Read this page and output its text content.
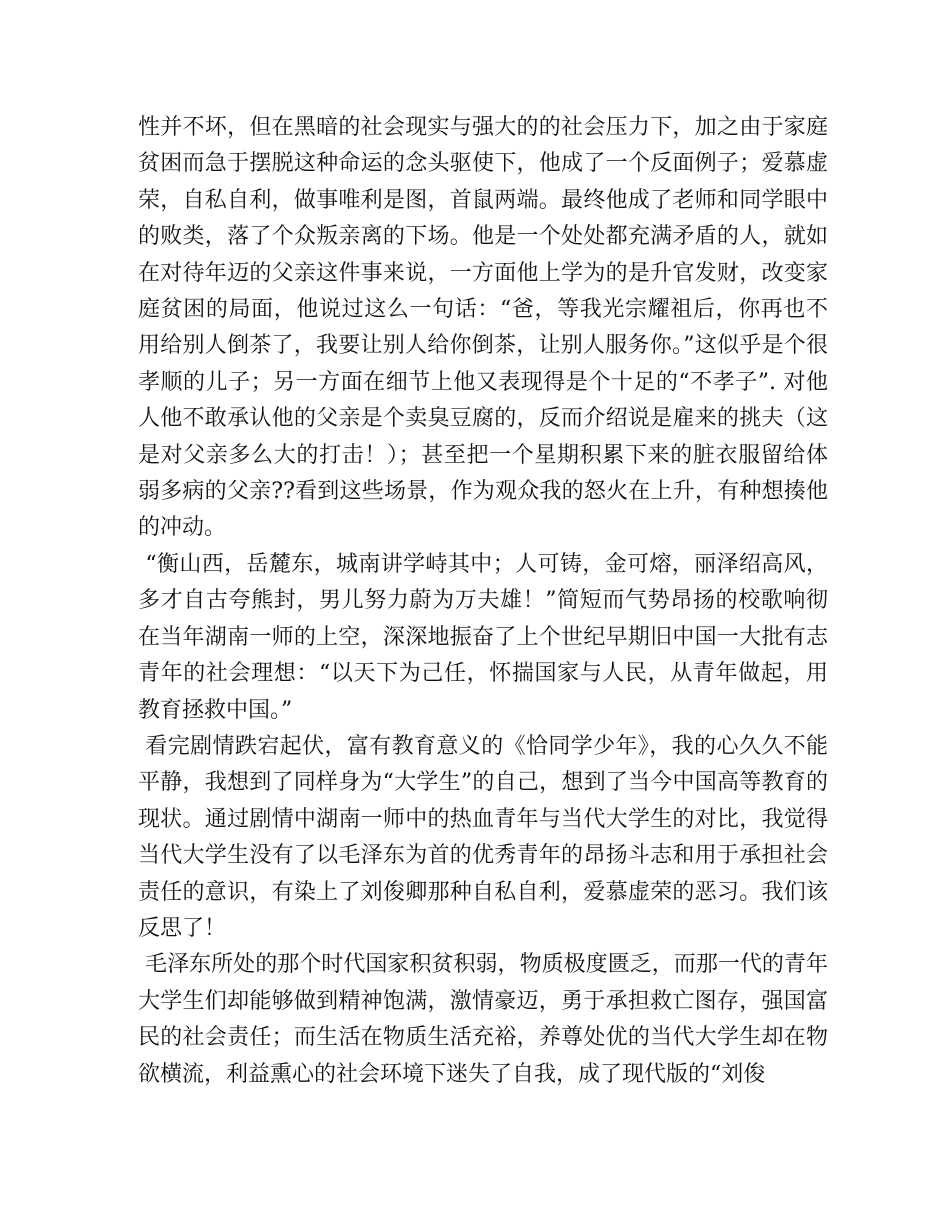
性并不坏，但在黑暗的社会现实与强大的的社会压力下，加之由于家庭贫困而急于摆脱这种命运的念头驱使下，他成了一个反面例子；爱慕虚荣，自私自利，做事唯利是图，首鼠两端。最终他成了老师和同学眼中的败类，落了个众叛亲离的下场。他是一个处处都充满矛盾的人，就如在对待年迈的父亲这件事来说，一方面他上学为的是升官发财，改变家庭贫困的局面，他说过这么一句话：“爸，等我光宗耀祖后，你再也不用给别人倒茶了，我要让别人给你倒茶，让别人服务你。”这似乎是个很孝顺的儿子；另一方面在细节上他又表现得是个十足的“不孝子”. 对他人他不敢承认他的父亲是个卖臭豆腐的，反而介绍说是雇来的挑夫（这是对父亲多么大的打击！）；甚至把一个星期积累下来的脏衣服留给体弱多病的父亲??看到这些场景，作为观众我的怒火在上升，有种想揍他的冲动。

“衡山西，岳麓东，城南讲学峙其中；人可铸，金可熔，丽泽绍高风，多才自古夸熊封，男儿努力蔚为万夫雄！”简短而气势昂扬的校歌响彻在当年湖南一师的上空，深深地振奋了上个世纪早期旧中国一大批有志青年的社会理想：“以天下为己任，怀揣国家与人民，从青年做起，用教育拯救中国。”

看完剧情跌宕起伏，富有教育意义的《恰同学少年》，我的心久久不能平静，我想到了同样身为“大学生”的自己，想到了当今中国高等教育的现状。通过剧情中湖南一师中的热血青年与当代大学生的对比，我觉得当代大学生没有了以毛泽东为首的优秀青年的昂扬斗志和用于承担社会责任的意识，有染上了刘俊卿那种自私自利，爱慕虚荣的恶习。我们该反思了！

毛泽东所处的那个时代国家积贫积弱，物质极度匮乏，而那一代的青年大学生们却能够做到精神饱满，激情豪迈，勇于承担救亡图存，强国富民的社会责任；而生活在物质生活充裕，养尊处优的当代大学生却在物欲横流，利益熏心的社会环境下迷失了自我，成了现代版的“刘俊
